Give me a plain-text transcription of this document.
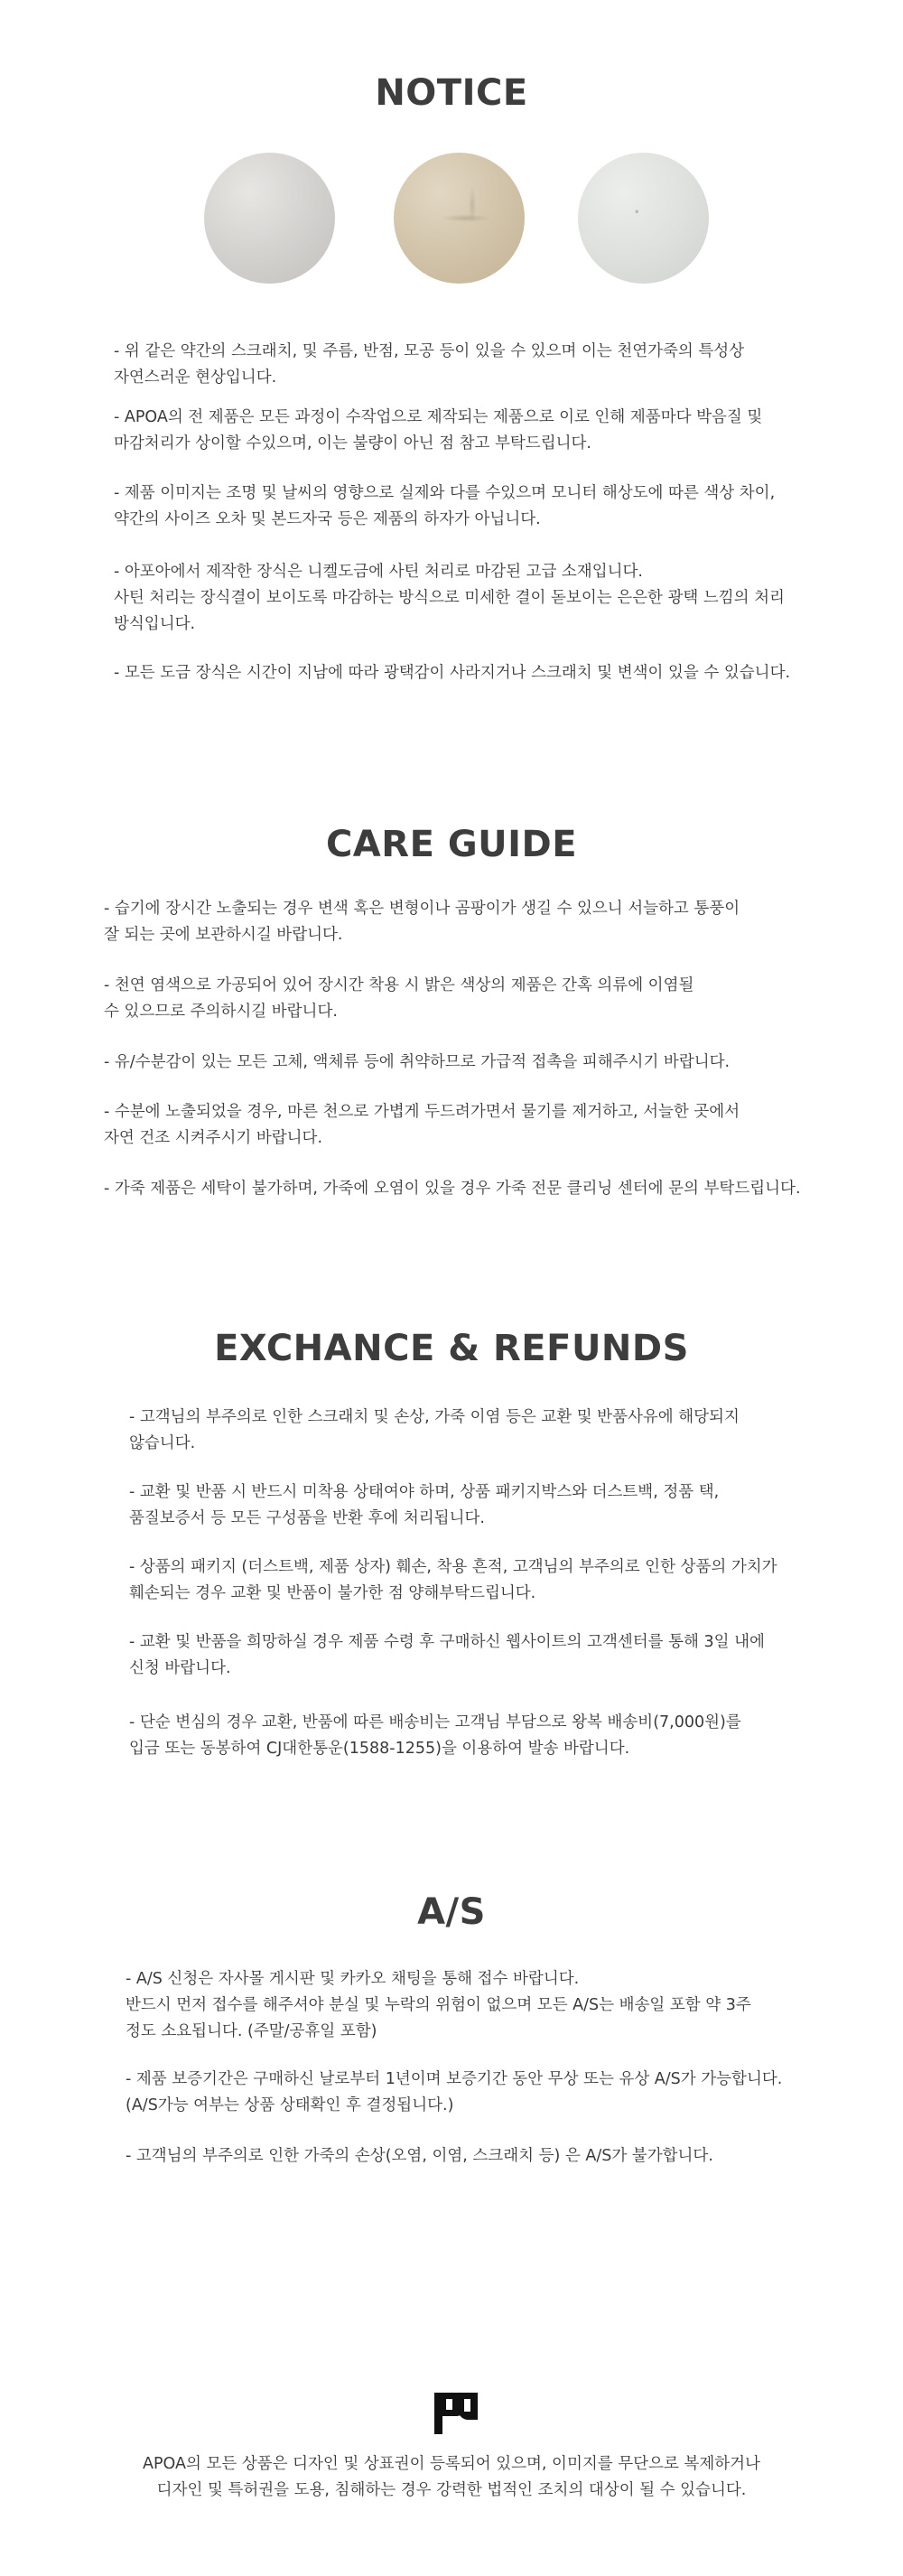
NOTICE

- 위 같은 약간의 스크래치, 및 주름, 반점, 모공 등이 있을 수 있으며 이는 천연가죽의 특성상

자연스러운 현상입니다.

- APOA의 전 제품은 모든 과정이 수작업으로 제작되는 제품으로 이로 인해 제품마다 박음질 및

마감처리가 상이할 수있으며, 이는 불량이 아닌 점 참고 부탁드립니다.

- 제품 이미지는 조명 및 날씨의 영향으로 실제와 다를 수있으며 모니터 해상도에 따른 색상 차이,

약간의 사이즈 오차 및 본드자국 등은 제품의 하자가 아닙니다.

- 아포아에서 제작한 장식은 니켈도금에 사틴 처리로 마감된 고급 소재입니다.

사틴 처리는 장식결이 보이도록 마감하는 방식으로 미세한 결이 돋보이는 은은한 광택 느낌의 처리

방식입니다.

- 모든 도금 장식은 시간이 지남에 따라 광택감이 사라지거나 스크래치 및 변색이 있을 수 있습니다.

CARE GUIDE

- 습기에 장시간 노출되는 경우 변색 혹은 변형이나 곰팡이가 생길 수 있으니 서늘하고 통풍이

잘 되는 곳에 보관하시길 바랍니다.

- 천연 염색으로 가공되어 있어 장시간 착용 시 밝은 색상의 제품은 간혹 의류에 이염될

수 있으므로 주의하시길 바랍니다.

- 유/수분감이 있는 모든 고체, 액체류 등에 취약하므로 가급적 접촉을 피해주시기 바랍니다.

- 수분에 노출되었을 경우, 마른 천으로 가볍게 두드려가면서 물기를 제거하고, 서늘한 곳에서

자연 건조 시켜주시기 바랍니다.

- 가죽 제품은 세탁이 불가하며, 가죽에 오염이 있을 경우 가죽 전문 클리닝 센터에 문의 부탁드립니다.

EXCHANCE & REFUNDS

- 고객님의 부주의로 인한 스크래치 및 손상, 가죽 이염 등은 교환 및 반품사유에 해당되지

않습니다.

- 교환 및 반품 시 반드시 미착용 상태여야 하며, 상품 패키지박스와 더스트백, 정품 택,

품질보증서 등 모든 구성품을 반환 후에 처리됩니다.

- 상품의 패키지 (더스트백, 제품 상자) 훼손, 착용 흔적, 고객님의 부주의로 인한 상품의 가치가

훼손되는 경우 교환 및 반품이 불가한 점 양해부탁드립니다.

- 교환 및 반품을 희망하실 경우 제품 수령 후 구매하신 웹사이트의 고객센터를 통해 3일 내에

신청 바랍니다.

- 단순 변심의 경우 교환, 반품에 따른 배송비는 고객님 부담으로 왕복 배송비(7,000원)를

입금 또는 동봉하여 CJ대한통운(1588-1255)을 이용하여 발송 바랍니다.

A/S

- A/S 신청은 자사몰 게시판 및 카카오 채팅을 통해 접수 바랍니다.

반드시 먼저 접수를 해주셔야 분실 및 누락의 위험이 없으며 모든 A/S는 배송일 포함 약 3주

정도 소요됩니다. (주말/공휴일 포함)

- 제품 보증기간은 구매하신 날로부터 1년이며 보증기간 동안 무상 또는 유상 A/S가 가능합니다.

(A/S가능 여부는 상품 상태확인 후 결정됩니다.)

- 고객님의 부주의로 인한 가죽의 손상(오염, 이염, 스크래치 등) 은 A/S가 불가합니다.

APOA의 모든 상품은 디자인 및 상표권이 등록되어 있으며, 이미지를 무단으로 복제하거나

디자인 및 특허권을 도용, 침해하는 경우 강력한 법적인 조치의 대상이 될 수 있습니다.
